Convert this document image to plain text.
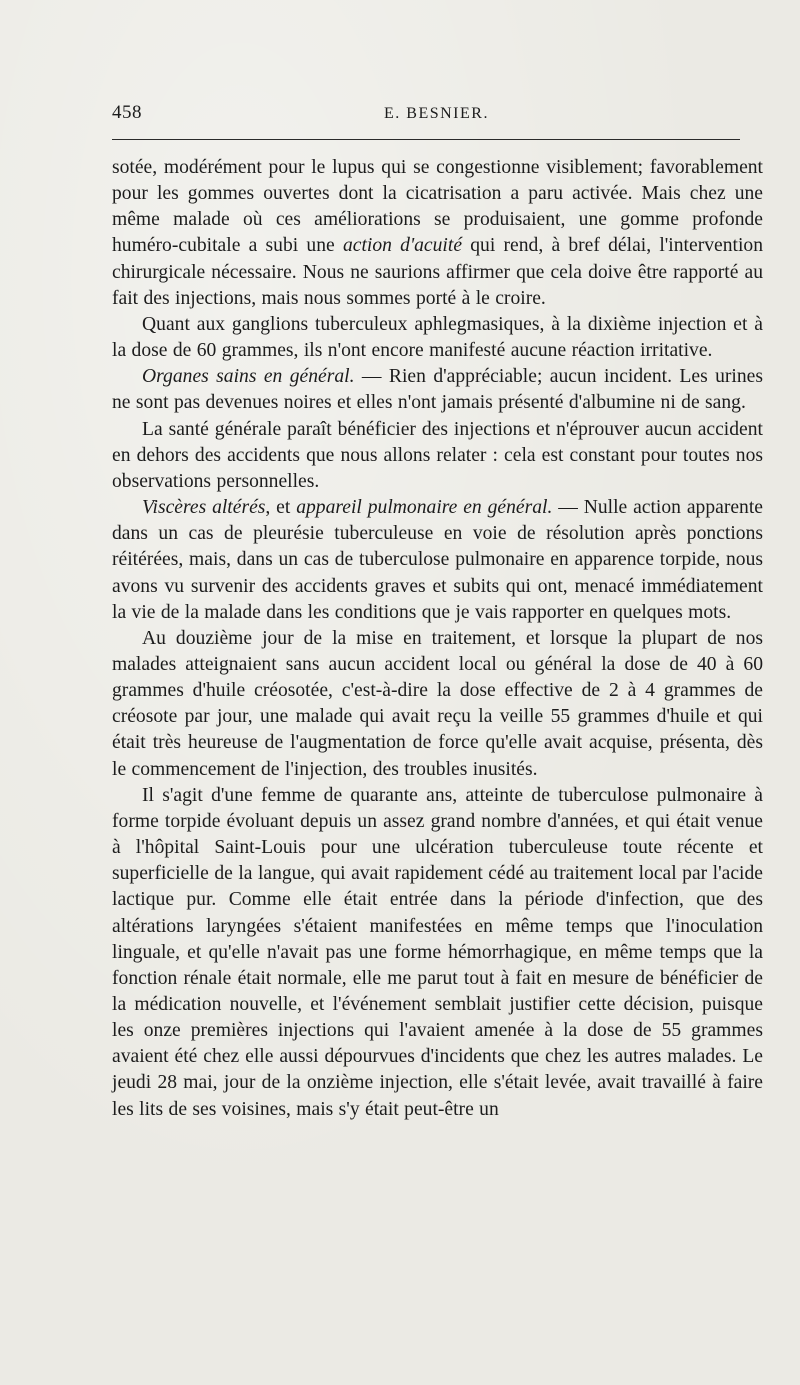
458	E. BESNIER.

sotée, modérément pour le lupus qui se congestionne visiblement; favorablement pour les gommes ouvertes dont la cicatrisation a paru activée. Mais chez une même malade où ces améliorations se produisaient, une gomme profonde huméro-cubitale a subi une action d'acuité qui rend, à bref délai, l'intervention chirurgicale nécessaire. Nous ne saurions affirmer que cela doive être rapporté au fait des injections, mais nous sommes porté à le croire.

Quant aux ganglions tuberculeux aphlegmasiques, à la dixième injection et à la dose de 60 grammes, ils n'ont encore manifesté aucune réaction irritative.

Organes sains en général. — Rien d'appréciable; aucun incident. Les urines ne sont pas devenues noires et elles n'ont jamais présenté d'albumine ni de sang.

La santé générale paraît bénéficier des injections et n'éprouver aucun accident en dehors des accidents que nous allons relater : cela est constant pour toutes nos observations personnelles.

Viscères altérés, et appareil pulmonaire en général. — Nulle action apparente dans un cas de pleurésie tuberculeuse en voie de résolution après ponctions réitérées, mais, dans un cas de tuberculose pulmonaire en apparence torpide, nous avons vu survenir des accidents graves et subits qui ont, menacé immédiatement la vie de la malade dans les conditions que je vais rapporter en quelques mots.

Au douzième jour de la mise en traitement, et lorsque la plupart de nos malades atteignaient sans aucun accident local ou général la dose de 40 à 60 grammes d'huile créosotée, c'est-à-dire la dose effective de 2 à 4 grammes de créosote par jour, une malade qui avait reçu la veille 55 grammes d'huile et qui était très heureuse de l'augmentation de force qu'elle avait acquise, présenta, dès le commencement de l'injection, des troubles inusités.

Il s'agit d'une femme de quarante ans, atteinte de tuberculose pulmonaire à forme torpide évoluant depuis un assez grand nombre d'années, et qui était venue à l'hôpital Saint-Louis pour une ulcération tuberculeuse toute récente et superficielle de la langue, qui avait rapidement cédé au traitement local par l'acide lactique pur. Comme elle était entrée dans la période d'infection, que des altérations laryngées s'étaient manifestées en même temps que l'inoculation linguale, et qu'elle n'avait pas une forme hémorrhagique, en même temps que la fonction rénale était normale, elle me parut tout à fait en mesure de bénéficier de la médication nouvelle, et l'événement semblait justifier cette décision, puisque les onze premières injections qui l'avaient amenée à la dose de 55 grammes avaient été chez elle aussi dépourvues d'incidents que chez les autres malades. Le jeudi 28 mai, jour de la onzième injection, elle s'était levée, avait travaillé à faire les lits de ses voisines, mais s'y était peut-être un
